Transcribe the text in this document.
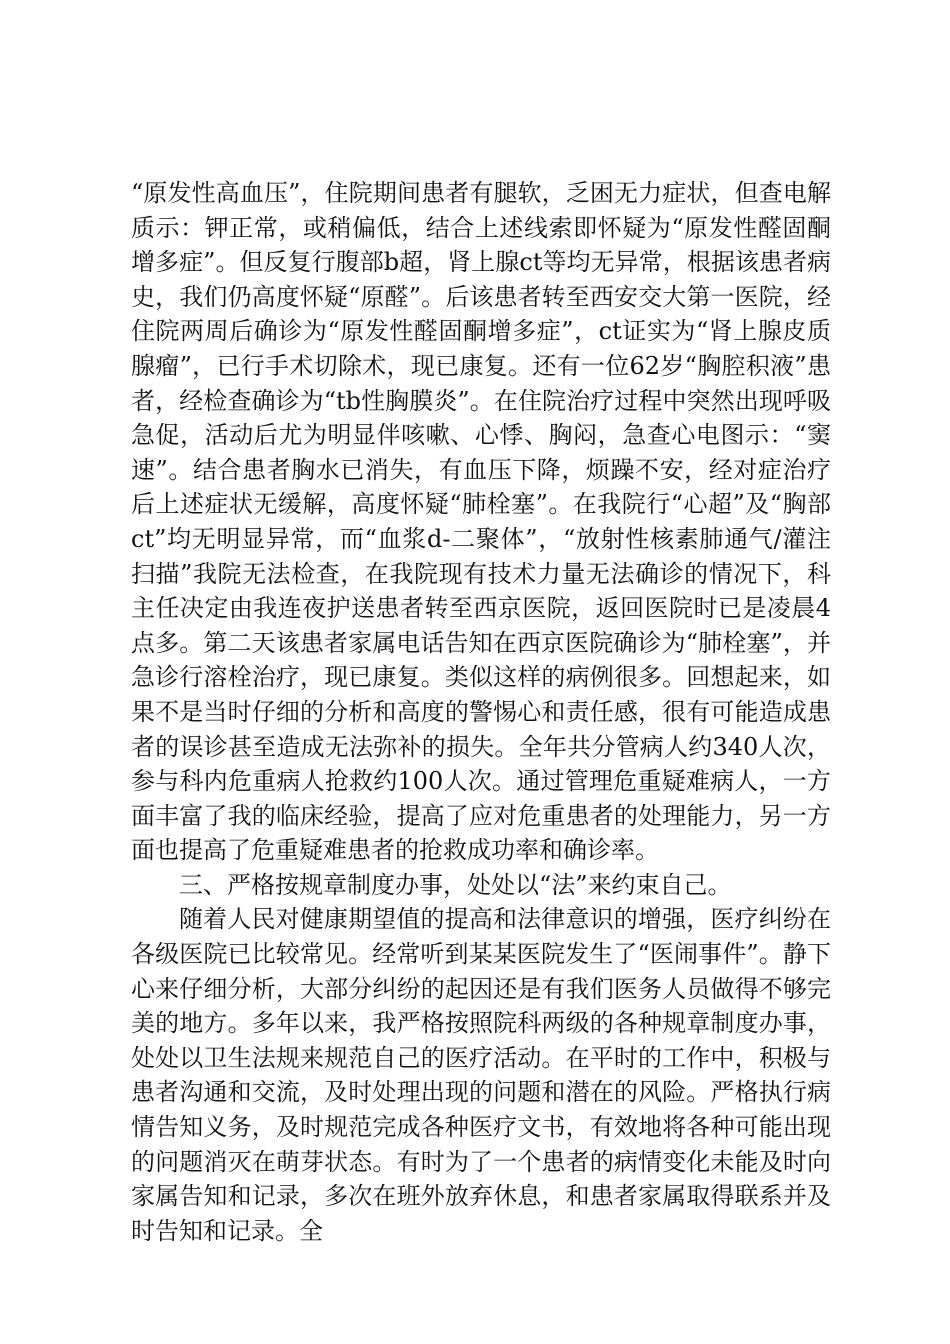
“原发性高血压”，住院期间患者有腿软，乏困无力症状，但查电解质示：钾正常，或稍偏低，结合上述线索即怀疑为“原发性醛固酮增多症”。但反复行腹部b超，肾上腺ct等均无异常，根据该患者病史，我们仍高度怀疑“原醛”。后该患者转至西安交大第一医院，经住院两周后确诊为“原发性醛固酮增多症”，ct证实为“肾上腺皮质腺瘤”，已行手术切除术，现已康复。还有一位62岁“胸腔积液”患者，经检查确诊为“tb性胸膜炎”。在住院治疗过程中突然出现呼吸急促，活动后尤为明显伴咳嗽、心悸、胸闷，急查心电图示：“窦速”。结合患者胸水已消失，有血压下降，烦躁不安，经对症治疗后上述症状无缓解，高度怀疑“肺栓塞”。在我院行“心超”及“胸部ct”均无明显异常，而“血浆d-二聚体”，“放射性核素肺通气/灌注扫描”我院无法检查，在我院现有技术力量无法确诊的情况下，科主任决定由我连夜护送患者转至西京医院，返回医院时已是凌晨4点多。第二天该患者家属电话告知在西京医院确诊为“肺栓塞”，并急诊行溶栓治疗，现已康复。类似这样的病例很多。回想起来，如果不是当时仔细的分析和高度的警惕心和责任感，很有可能造成患者的误诊甚至造成无法弥补的损失。全年共分管病人约340人次，参与科内危重病人抢救约100人次。通过管理危重疑难病人，一方面丰富了我的临床经验，提高了应对危重患者的处理能力，另一方面也提高了危重疑难患者的抢救成功率和确诊率。

三、严格按规章制度办事，处处以“法”来约束自己。

随着人民对健康期望值的提高和法律意识的增强，医疗纠纷在各级医院已比较常见。经常听到某某医院发生了“医闹事件”。静下心来仔细分析，大部分纠纷的起因还是有我们医务人员做得不够完美的地方。多年以来，我严格按照院科两级的各种规章制度办事，处处以卫生法规来规范自己的医疗活动。在平时的工作中，积极与患者沟通和交流，及时处理出现的问题和潜在的风险。严格执行病情告知义务，及时规范完成各种医疗文书，有效地将各种可能出现的问题消灭在萌芽状态。有时为了一个患者的病情变化未能及时向家属告知和记录，多次在班外放弃休息，和患者家属取得联系并及时告知和记录。全
